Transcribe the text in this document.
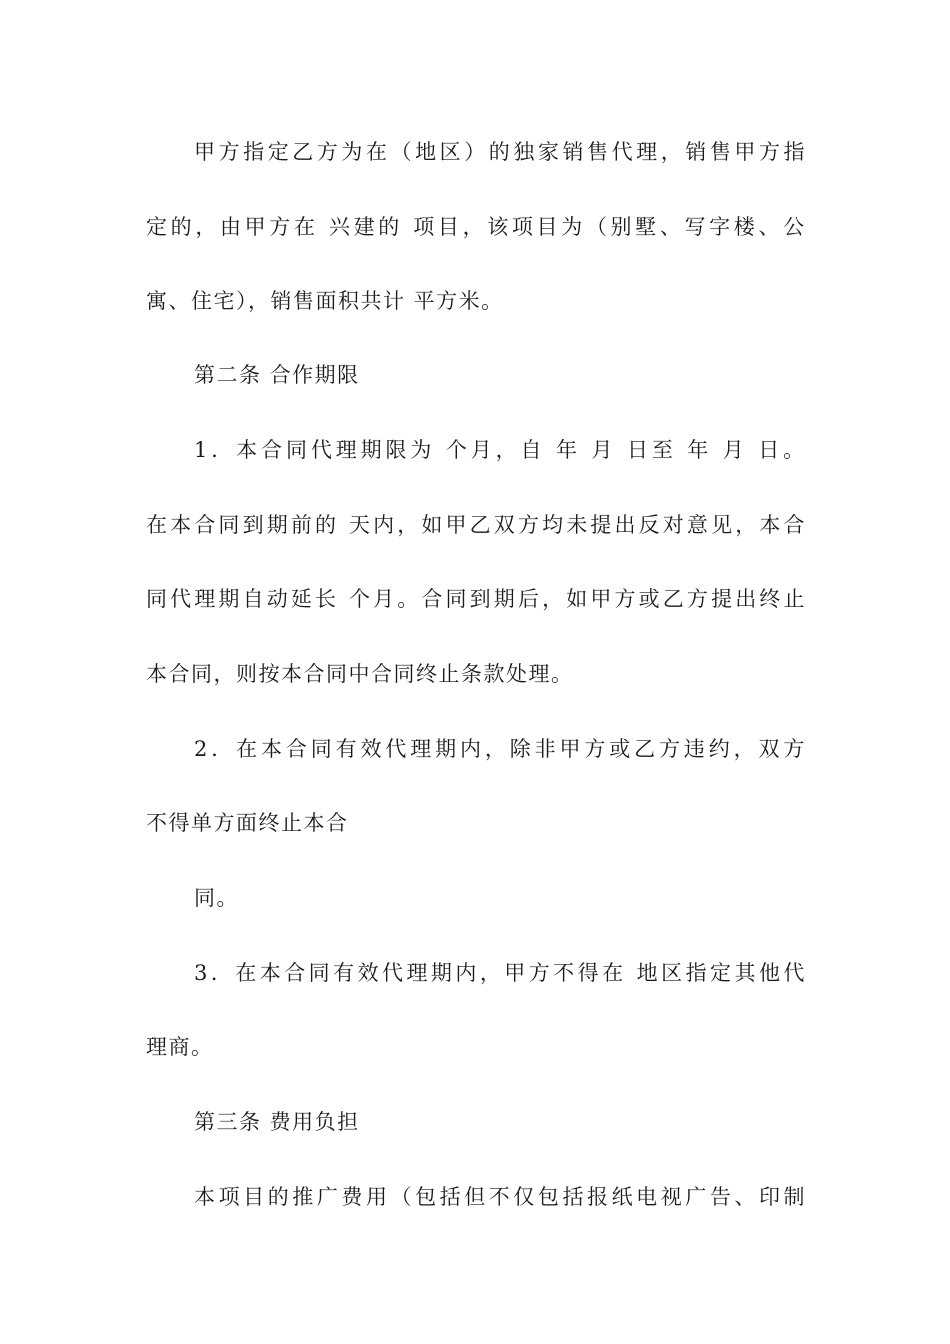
甲 方 指 定 乙 方 为 在 （ 地 区 ） 的 独 家 销 售 代 理 ， 销 售 甲 方 指
定 的 ， 由 甲 方 在
兴 建 的
项 目 ， 该 项 目 为 （ 别 墅 、 写 字 楼 、 公
寓、住宅），销售面积共计 平方米。
第二条 合作期限
1 ． 本 合 同 代 理 期 限 为
个 月 ， 自
年
月
日 至
年
月
日 。
在 本 合 同 到 期 前 的
天 内 ， 如 甲 乙 双 方 均 未 提 出 反 对 意 见 ， 本 合
同 代 理 期 自 动 延 长
个 月 。 合 同 到 期 后 ， 如 甲 方 或 乙 方 提 出 终 止
本合同，则按本合同中合同终止条款处理。
2 ． 在 本 合 同 有 效 代 理 期 内 ， 除 非 甲 方 或 乙 方 违 约 ， 双 方
不得单方面终止本合
同。
3 ． 在 本 合 同 有 效 代 理 期 内 ， 甲 方 不 得 在
地 区 指 定 其 他 代
理商。
第三条 费用负担
本 项 目 的 推 广 费 用 （ 包 括 但 不 仅 包 括 报 纸 电 视 广 告 、 印 制
